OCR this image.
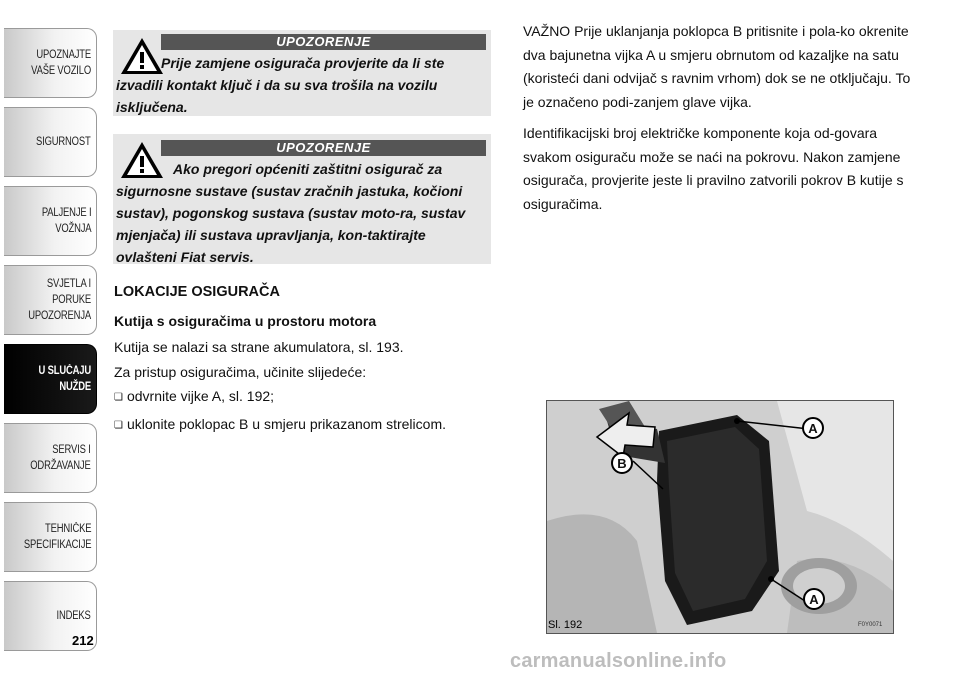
UPOZNAJTE
VAŠE VOZILO
SIGURNOST
PALJENJE I
VOŽNJA
SVJETLA I PORUKE
UPOZORENJA
U SLUČAJU
NUŽDE
SERVIS I
ODRŽAVANJE
TEHNIČKE
SPECIFIKACIJE
INDEKS
212
UPOZORENJE
Prije zamjene osigurača provjerite da li ste izvadili kontakt ključ i da su sva trošila na vozilu isključena.
UPOZORENJE
Ako pregori općeniti zaštitni osigurač za sigurnosne sustave (sustav zračnih jastuka, kočioni sustav), pogonskog sustava (sustav moto-ra, sustav mjenjača) ili sustava upravljanja, kon-taktirajte ovlašteni Fiat servis.
LOKACIJE OSIGURAČA
Kutija s osiguračima u prostoru motora

Kutija se nalazi sa strane akumulatora, sl. 193.

Za pristup osiguračima, učinite slijedeće:

❏ odvrnite vijke A, sl. 192;

❏ uklonite poklopac B u smjeru prikazanom strelicom.

VAŽNO Prije uklanjanja poklopca B pritisnite i pola-ko okrenite dva bajunetna vijka A u smjeru obrnutom od kazaljke na satu (koristeći dani odvijač s ravnim vrhom) dok se ne otključaju. To je označeno podi-zanjem glave vijka.

Identifikacijski broj električke komponente koja od-govara svakom osiguraču može se naći na pokrovu. Nakon zamjene osigurača, provjerite jeste li pravilno zatvorili pokrov B kutije s osiguračima.

A
B
A
Sl. 192	F0Y0071
carmanualsonline.info
